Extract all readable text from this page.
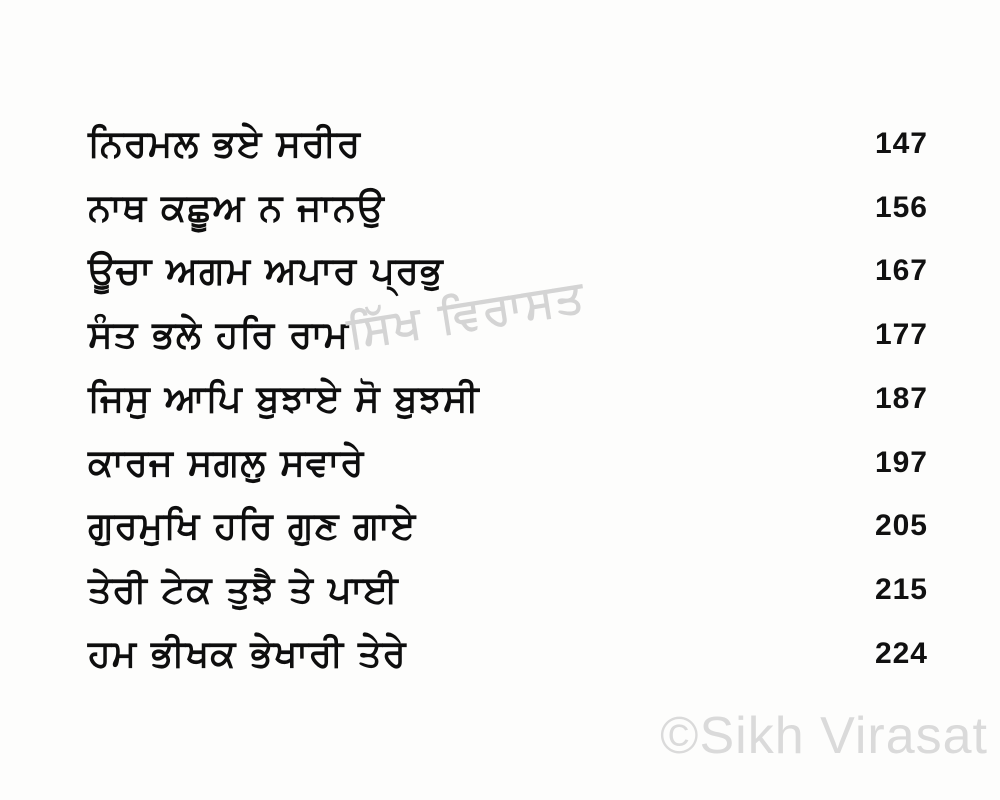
ਨਿਰਮਲ ਭਏ ਸਰੀਰ	147
ਨਾਥ ਕਛੂਅ ਨ ਜਾਨਉ	156
ਊਚਾ ਅਗਮ ਅਪਾਰ ਪ੍ਰਭੁ	167
ਸੰਤ ਭਲੇ ਹਰਿ ਰਾਮ	177
ਜਿਸੁ ਆਪਿ ਬੁਝਾਏ ਸੋ ਬੁਝਸੀ	187
ਕਾਰਜ ਸਗਲੁ ਸਵਾਰੇ	197
ਗੁਰਮੁਖਿ ਹਰਿ ਗੁਣ ਗਾਏ	205
ਤੇਰੀ ਟੇਕ ਤੁਝੈ ਤੇ ਪਾਈ	215
ਹਮ ਭੀਖਕ ਭੇਖਾਰੀ ਤੇਰੇ	224
ਸਿੱਖ ਵਿਰਾਸਤ
©Sikh Virasat
